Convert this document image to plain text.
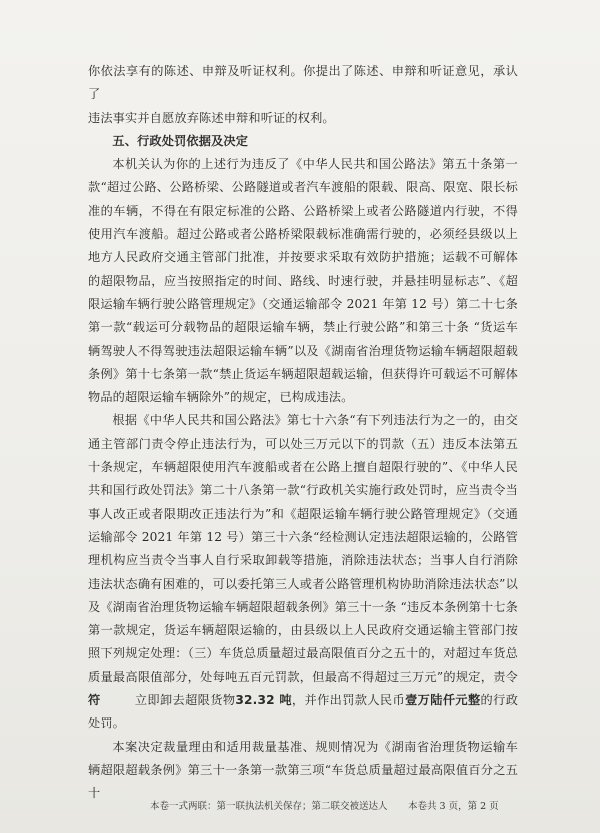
你依法享有的陈述、申辩及听证权利。你提出了陈述、申辩和听证意见，承认了

违法事实并自愿放弃陈述申辩和听证的权利。

五、行政处罚依据及决定

本机关认为你的上述行为违反了《中华人民共和国公路法》第五十条第一款“超过公路、公路桥梁、公路隧道或者汽车渡船的限载、限高、限宽、限长标准的车辆，不得在有限定标准的公路、公路桥梁上或者公路隧道内行驶，不得使用汽车渡船。超过公路或者公路桥梁限载标准确需行驶的，必须经县级以上地方人民政府交通主管部门批准，并按要求采取有效防护措施；运载不可解体的超限物品，应当按照指定的时间、路线、时速行驶，并悬挂明显标志”、《超限运输车辆行驶公路管理规定》（交通运输部令 2021 年第 12 号）第二十七条第一款“载运可分载物品的超限运输车辆，禁止行驶公路”和第三十条 “货运车辆驾驶人不得驾驶违法超限运输车辆”以及《湖南省治理货物运输车辆超限超载条例》第十七条第一款“禁止货运车辆超限超载运输，但获得许可载运不可解体物品的超限运输车辆除外”的规定，已构成违法。

根据《中华人民共和国公路法》第七十六条“有下列违法行为之一的，由交通主管部门责令停止违法行为，可以处三万元以下的罚款（五）违反本法第五十条规定，车辆超限使用汽车渡船或者在公路上擅自超限行驶的”、《中华人民共和国行政处罚法》第二十八条第一款“行政机关实施行政处罚时，应当责令当事人改正或者限期改正违法行为”和《超限运输车辆行驶公路管理规定》（交通运输部令 2021 年第 12 号）第三十六条“经检测认定违法超限运输的，公路管理机构应当责令当事人自行采取卸载等措施，消除违法状态；当事人自行消除违法状态确有困难的，可以委托第三人或者公路管理机构协助消除违法状态”以及《湖南省治理货物运输车辆超限超载条例》第三十一条 “违反本条例第十七条第一款规定，货运车辆超限运输的，由县级以上人民政府交通运输主管部门按照下列规定处理：（三）车货总质量超过最高限值百分之五十的，对超过车货总质量最高限值部分，处每吨五百元罚款，但最高不得超过三万元”的规定，责令符	立即卸去超限货物32.32 吨，并作出罚款人民币壹万陆仟元整的行政处罚。

本案决定裁量理由和适用裁量基准、规则情况为《湖南省治理货物运输车辆超限超载条例》第三十一条第一款第三项“车货总质量超过最高限值百分之五十

本卷一式两联：第一联执法机关保存；第二联交被送达人 本卷共 3 页，第 2 页
